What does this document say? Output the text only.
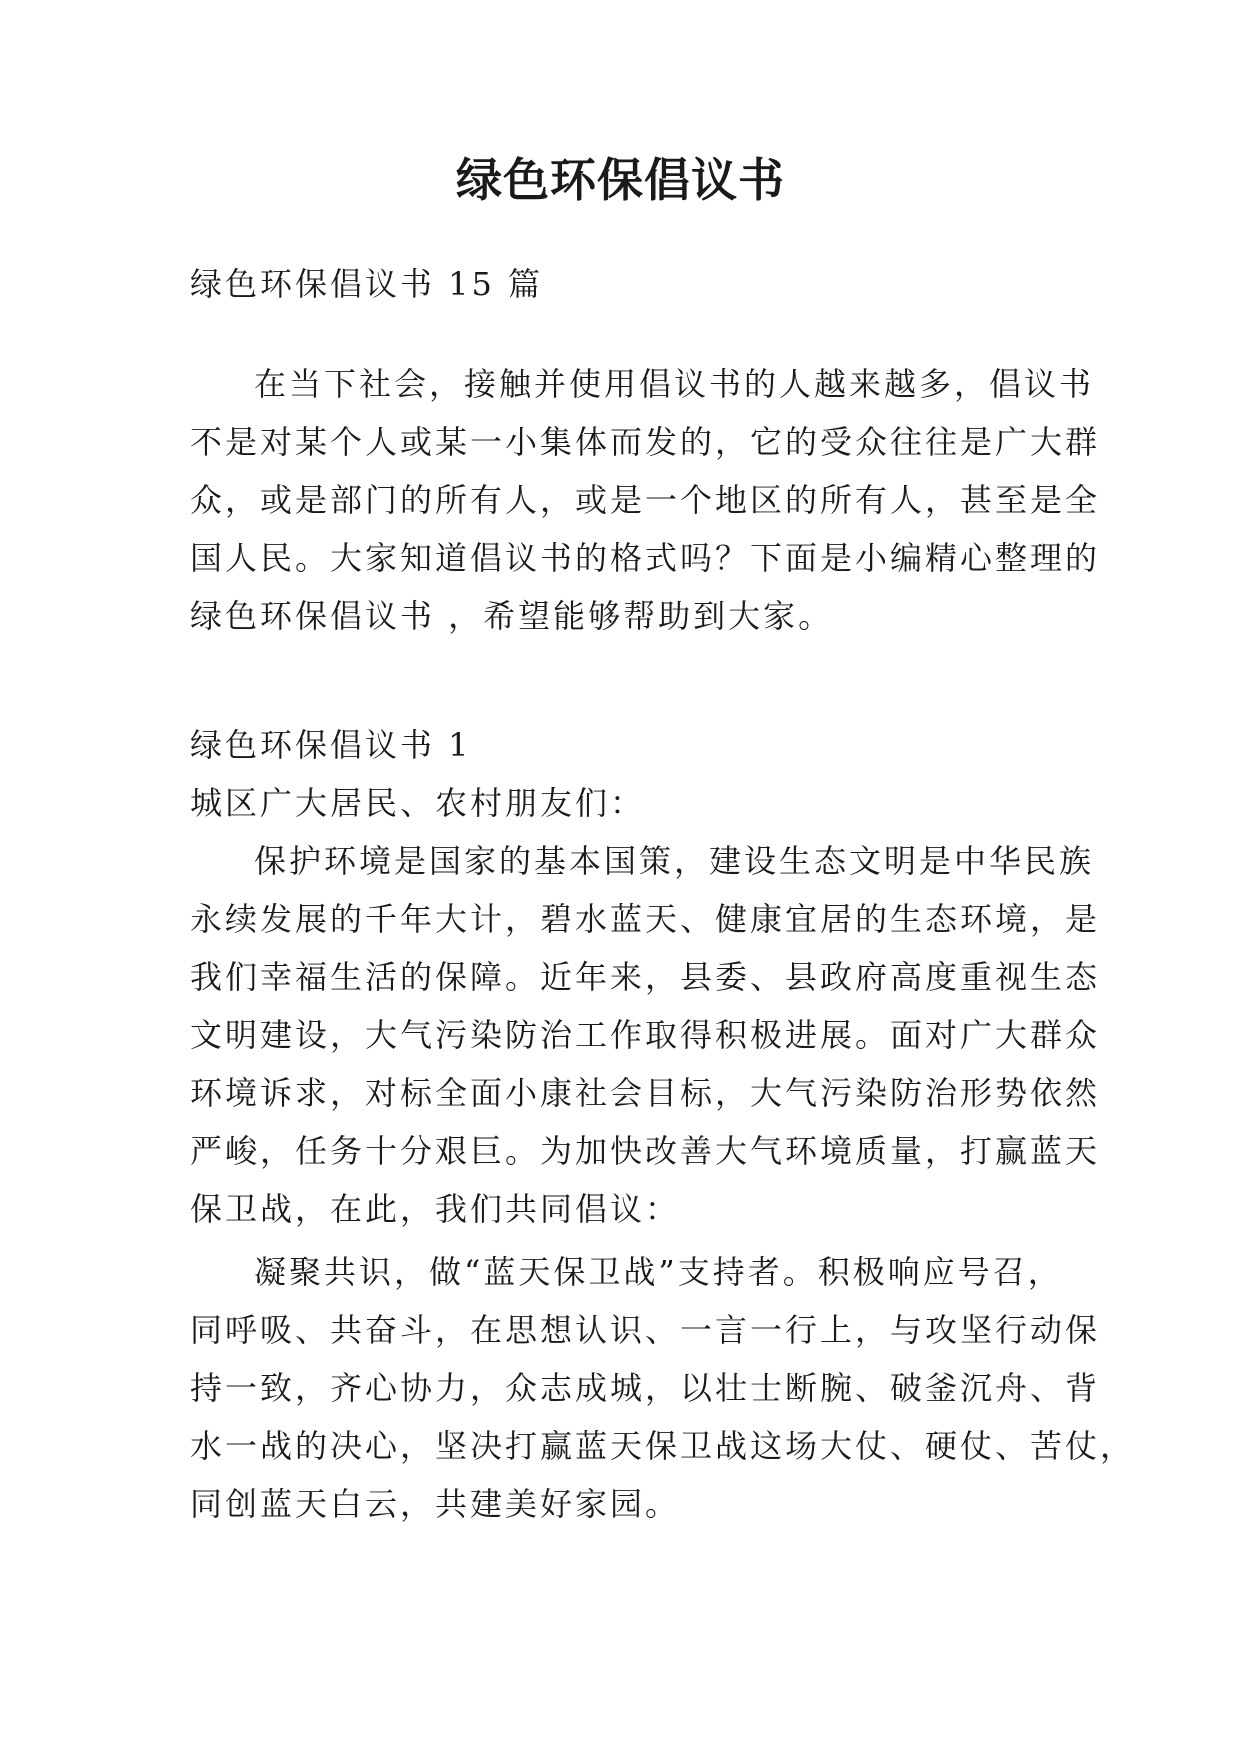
绿色环保倡议书

绿色环保倡议书 15 篇

在当下社会，接触并使用倡议书的人越来越多，倡议书
不是对某个人或某一小集体而发的，它的受众往往是广大群
众，或是部门的所有人，或是一个地区的所有人，甚至是全
国人民。大家知道倡议书的格式吗？下面是小编精心整理的
绿色环保倡议书 ，希望能够帮助到大家。

绿色环保倡议书 1

城区广大居民、农村朋友们：

保护环境是国家的基本国策，建设生态文明是中华民族
永续发展的千年大计，碧水蓝天、健康宜居的生态环境，是
我们幸福生活的保障。近年来，县委、县政府高度重视生态
文明建设，大气污染防治工作取得积极进展。面对广大群众
环境诉求，对标全面小康社会目标，大气污染防治形势依然
严峻，任务十分艰巨。为加快改善大气环境质量，打赢蓝天
保卫战，在此，我们共同倡议：
凝聚共识，做“蓝天保卫战”支持者。积极响应号召，
同呼吸、共奋斗，在思想认识、一言一行上，与攻坚行动保
持一致，齐心协力，众志成城，以壮士断腕、破釜沉舟、背
水一战的决心，坚决打赢蓝天保卫战这场大仗、硬仗、苦仗，
同创蓝天白云，共建美好家园。
